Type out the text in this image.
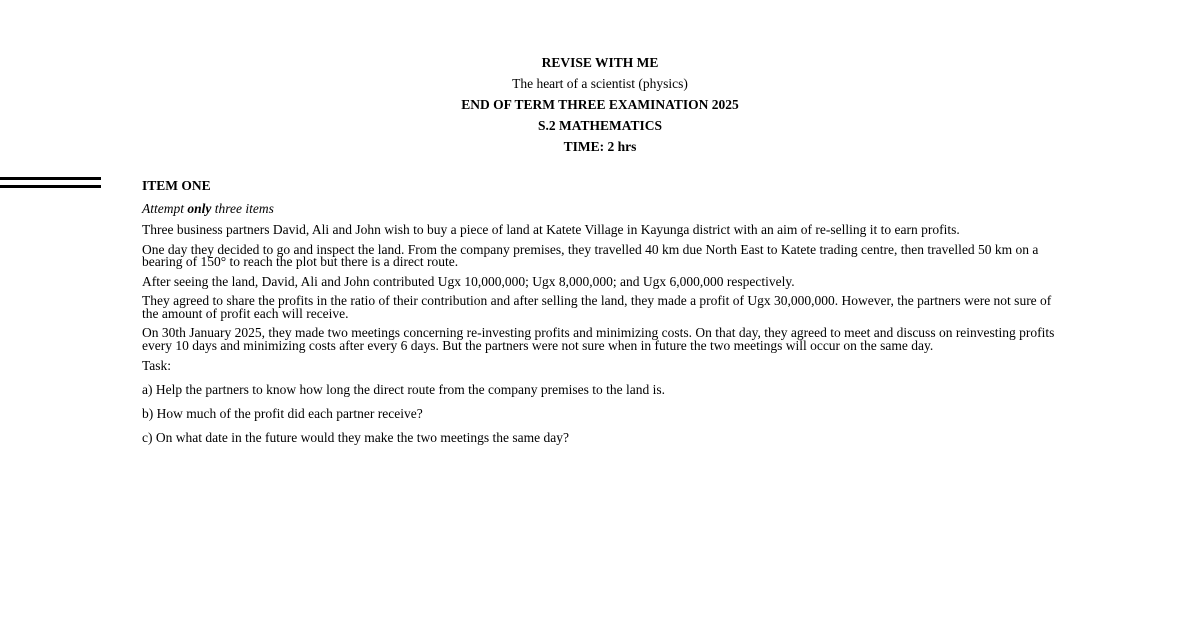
REVISE WITH ME
The heart of a scientist (physics)
END OF TERM THREE EXAMINATION 2025
S.2 MATHEMATICS
TIME: 2 hrs
ITEM ONE
Attempt only three items
Three business partners David, Ali and John wish to buy a piece of land at Katete Village in Kayunga district with an aim of re-selling it to earn profits.
One day they decided to go and inspect the land. From the company premises, they travelled 40 km due North East to Katete trading centre, then travelled 50 km on a bearing of 150° to reach the plot but there is a direct route.
After seeing the land, David, Ali and John contributed Ugx 10,000,000; Ugx 8,000,000; and Ugx 6,000,000 respectively.
They agreed to share the profits in the ratio of their contribution and after selling the land, they made a profit of Ugx 30,000,000. However, the partners were not sure of the amount of profit each will receive.
On 30th January 2025, they made two meetings concerning re-investing profits and minimizing costs. On that day, they agreed to meet and discuss on reinvesting profits every 10 days and minimizing costs after every 6 days. But the partners were not sure when in future the two meetings will occur on the same day.
Task:
a) Help the partners to know how long the direct route from the company premises to the land is.
b) How much of the profit did each partner receive?
c) On what date in the future would they make the two meetings the same day?
